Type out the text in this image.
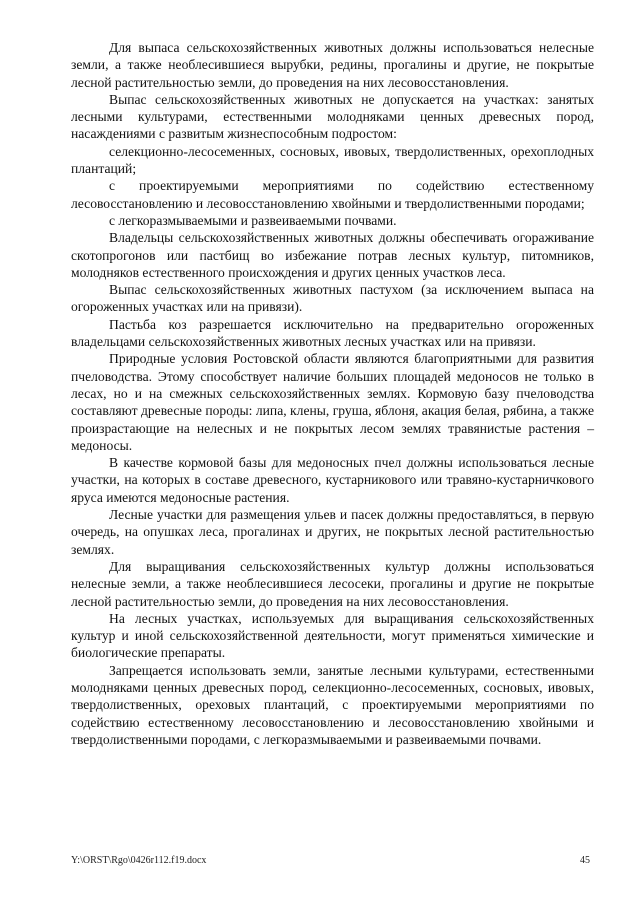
Для выпаса сельскохозяйственных животных должны использоваться нелесные земли, а также необлесившиеся вырубки, редины, прогалины и другие, не покрытые лесной растительностью земли, до проведения на них лесовосстановления.

Выпас сельскохозяйственных животных не допускается на участках: занятых лесными культурами, естественными молодняками ценных древесных пород, насаждениями с развитым жизнеспособным подростом:

селекционно-лесосеменных, сосновых, ивовых, твердолиственных, орехоплодных плантаций;

с проектируемыми мероприятиями по содействию естественному лесовосстановлению и лесовосстановлению хвойными и твердолиственными породами;

с легкоразмываемыми и развеиваемыми почвами.

Владельцы сельскохозяйственных животных должны обеспечивать огораживание скотопрогонов или пастбищ во избежание потрав лесных культур, питомников, молодняков естественного происхождения и других ценных участков леса.

Выпас сельскохозяйственных животных пастухом (за исключением выпаса на огороженных участках или на привязи).

Пастьба коз разрешается исключительно на предварительно огороженных владельцами сельскохозяйственных животных лесных участках или на привязи.

Природные условия Ростовской области являются благоприятными для развития пчеловодства. Этому способствует наличие больших площадей медоносов не только в лесах, но и на смежных сельскохозяйственных землях. Кормовую базу пчеловодства составляют древесные породы: липа, клены, груша, яблоня, акация белая, рябина, а также произрастающие на нелесных и не покрытых лесом землях травянистые растения – медоносы.

В качестве кормовой базы для медоносных пчел должны использоваться лесные участки, на которых в составе древесного, кустарникового или травяно-кустарничкового яруса имеются медоносные растения.

Лесные участки для размещения ульев и пасек должны предоставляться, в первую очередь, на опушках леса, прогалинах и других, не покрытых лесной растительностью землях.

Для выращивания сельскохозяйственных культур должны использоваться нелесные земли, а также необлесившиеся лесосеки, прогалины и другие не покрытые лесной растительностью земли, до проведения на них лесовосстановления.

На лесных участках, используемых для выращивания сельскохозяйственных культур и иной сельскохозяйственной деятельности, могут применяться химические и биологические препараты.

Запрещается использовать земли, занятые лесными культурами, естественными молодняками ценных древесных пород, селекционно-лесосеменных, сосновых, ивовых, твердолиственных, ореховых плантаций, с проектируемыми мероприятиями по содействию естественному лесовосстановлению и лесовосстановлению хвойными и твердолиственными породами, с легкоразмываемыми и развеиваемыми почвами.

Y:\ORST\Rgo\0426r112.f19.docx	45
